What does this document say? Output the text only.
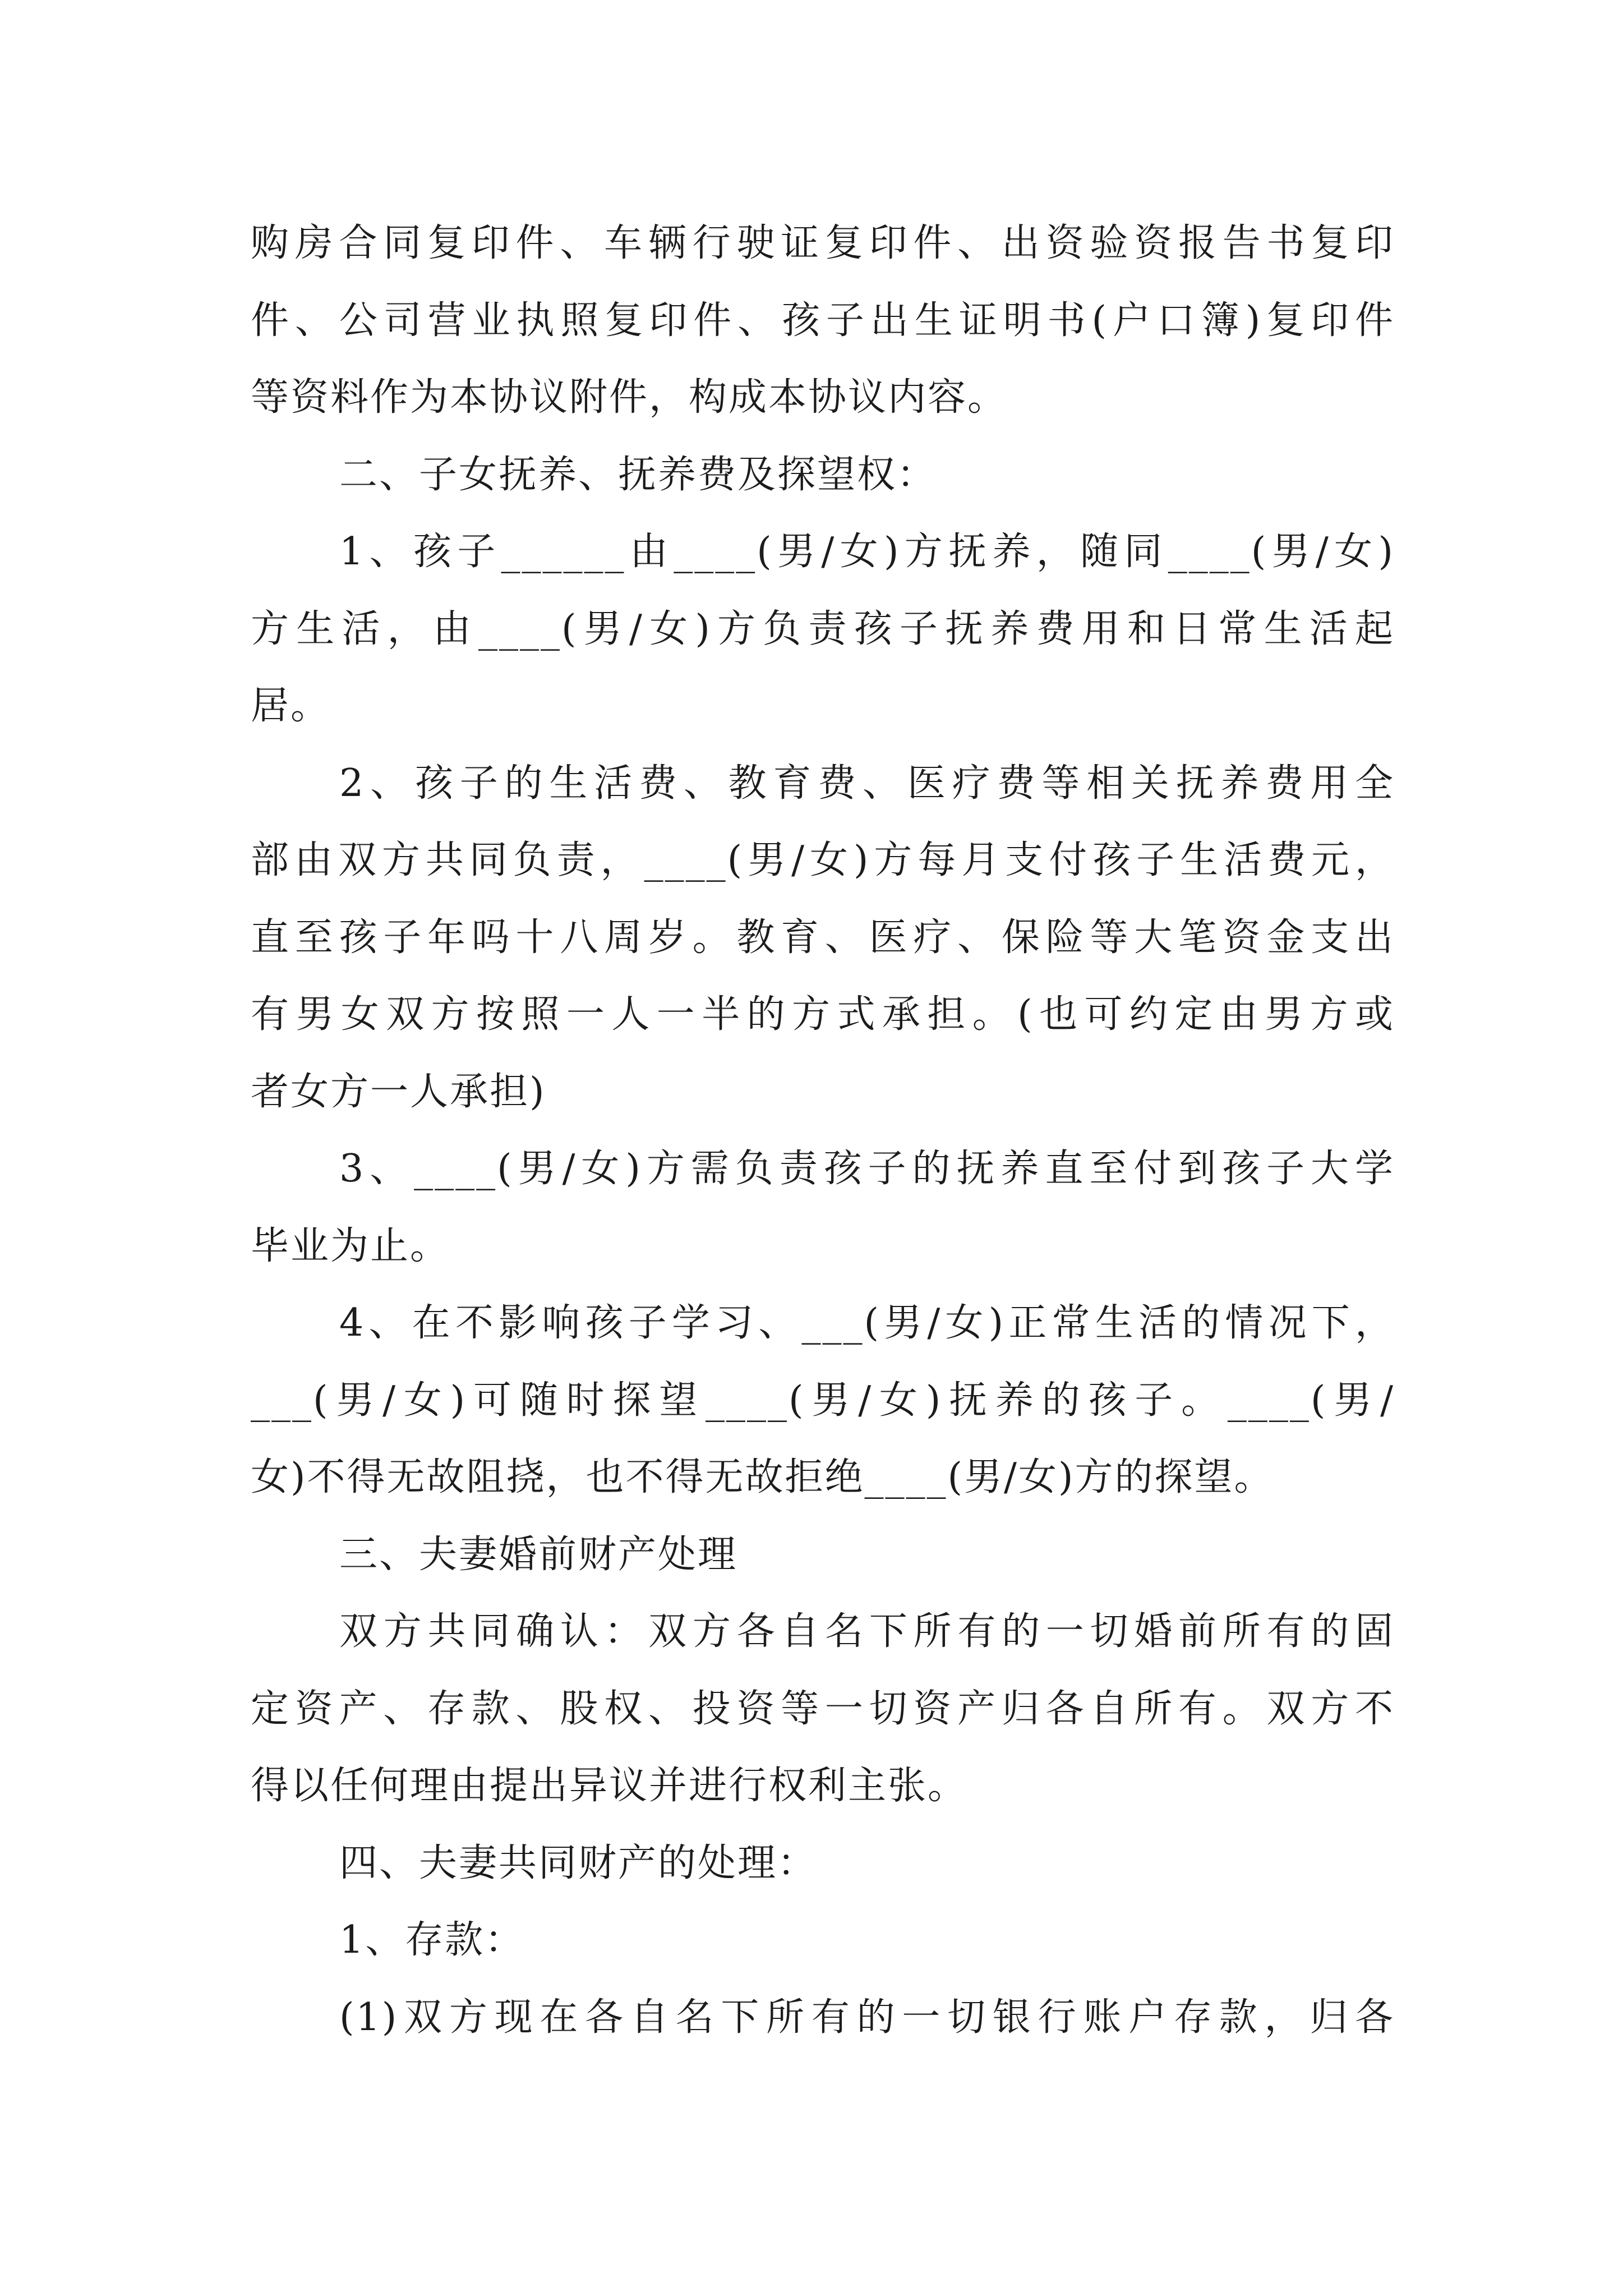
购房合同复印件、车辆行驶证复印件、出资验资报告书复印
件、公司营业执照复印件、孩子出生证明书(户口簿)复印件
等资料作为本协议附件，构成本协议内容。
二、子女抚养、抚养费及探望权：
1、孩子______由____(男/女)方抚养，随同____(男/女)
方生活，由____(男/女)方负责孩子抚养费用和日常生活起
居。
2、孩子的生活费、教育费、医疗费等相关抚养费用全
部由双方共同负责，____(男/女)方每月支付孩子生活费元，
直至孩子年吗十八周岁。教育、医疗、保险等大笔资金支出
有男女双方按照一人一半的方式承担。(也可约定由男方或
者女方一人承担)
3、____(男/女)方需负责孩子的抚养直至付到孩子大学
毕业为止。
4、在不影响孩子学习、___(男/女)正常生活的情况下，
___(男/女)可随时探望____(男/女)抚养的孩子。____(男/
女)不得无故阻挠，也不得无故拒绝____(男/女)方的探望。
三、夫妻婚前财产处理
双方共同确认：双方各自名下所有的一切婚前所有的固
定资产、存款、股权、投资等一切资产归各自所有。双方不
得以任何理由提出异议并进行权利主张。
四、夫妻共同财产的处理：
1、存款：
(1)双方现在各自名下所有的一切银行账户存款，归各
